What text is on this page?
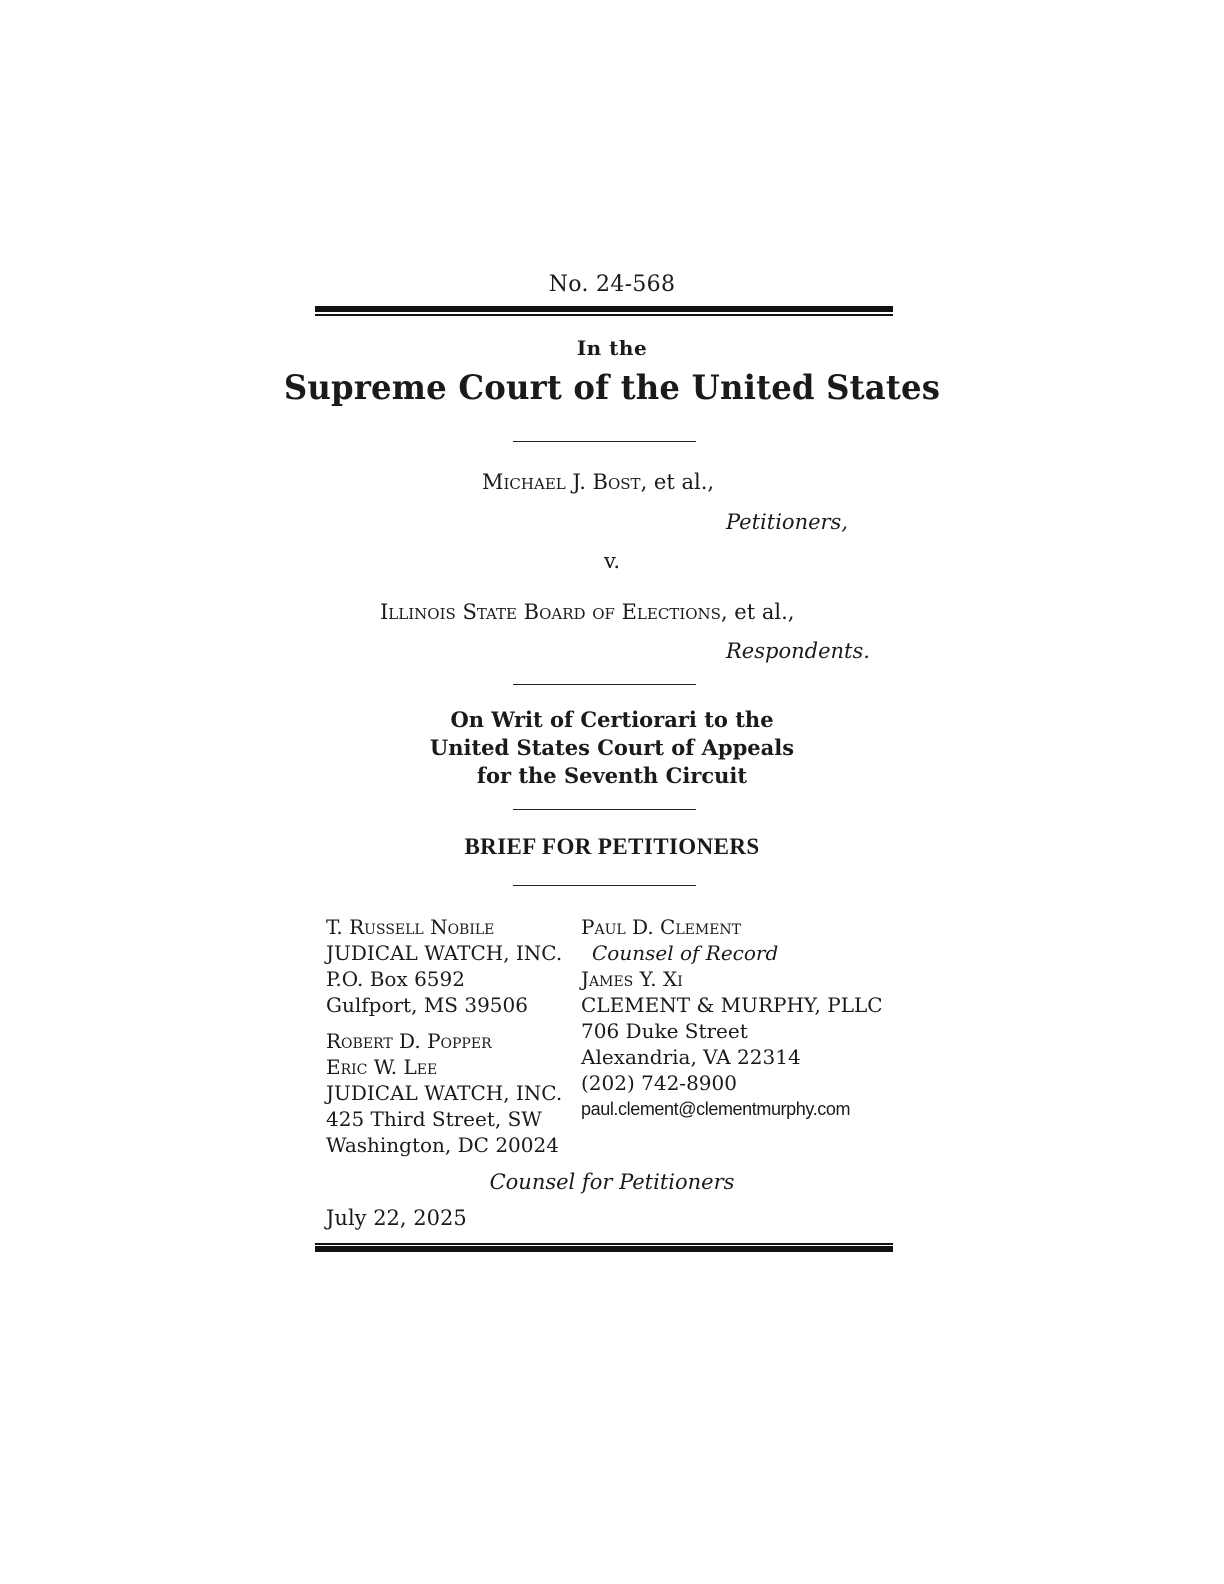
No. 24-568
In the
Supreme Court of the United States
Michael J. Bost, et al.,
Petitioners,
v.
Illinois State Board of Elections, et al.,
Respondents.
On Writ of Certiorari to the
United States Court of Appeals
for the Seventh Circuit
BRIEF FOR PETITIONERS
T. Russell Nobile
JUDICAL WATCH, INC.
P.O. Box 6592
Gulfport, MS 39506
Robert D. Popper
Eric W. Lee
JUDICAL WATCH, INC.
425 Third Street, SW
Washington, DC 20024
Paul D. Clement
Counsel of Record
James Y. Xi
CLEMENT & MURPHY, PLLC
706 Duke Street
Alexandria, VA 22314
(202) 742-8900
paul.clement@clementmurphy.com
Counsel for Petitioners
July 22, 2025
